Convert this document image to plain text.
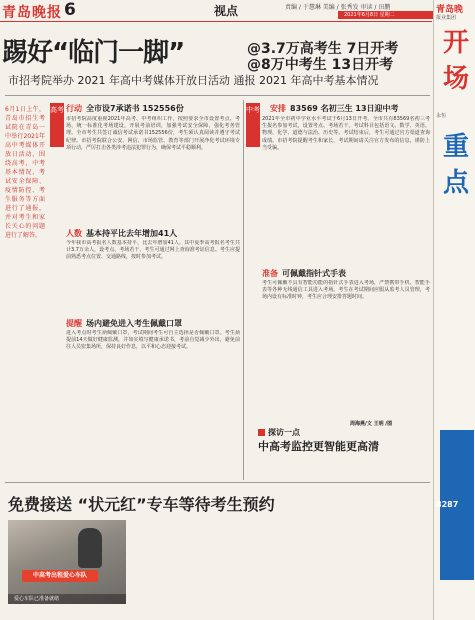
青岛晚报 6	视点	责编 / 于慧琳 美编 / 张秀发 审读 / 田鹏
2021年6月8日 星期二
踢好“临门一脚”	@3.7万高考生 7日开考
@8万中考生 13日开考
市招考院举办 2021 年高中考媒体开放日活动 通报 2021 年高中考基本情况
6月1日上午，青岛市招生考试院在青岛一中举行2021年高中考媒体开放日活动，围绕高考、中考基本情况、考试安全保障、疫情防控、考生服务等方面进行了通报，并对考生和家长关心的问题进行了解答。
高考 行动 全市设7承诺书 152556份
市招考院高度重视2021年高考、中考组织工作，按照要求全市设置考点、考场，统一标准化考场建设，开展考前培训，加强考试安全保障，强化考务管理。全市考生共签订诚信考试承诺书152556份，考生须认真阅读并遵守考试纪律。市招考院联合公安、网信、市场监管、教育等部门开展净化考试环境专项行动，严厉打击各类涉考违法犯罪行为，确保考试平稳顺利。
人数 基本持平比去年增加41人
今年我市高考报名人数基本持平，比去年增加41人。其中夏季高考报名考生共计3.7万余人，设考点、考场若干，考生可通过网上查询准考证信息。考生应提前熟悉考点位置、交通路线，按时参加考试。
提醒 场内避免进入考生佩戴口罩
进入考点时考生须佩戴口罩，考试期间考生可自主选择是否佩戴口罩。考生须提前14天做好健康监测，并如实填写健康承诺书，考前自觉减少外出，避免前往人员密集场所，保持良好作息，以平和心态迎接考试。
中考 安排 83569 名初三生 13日迎中考
2021年全市初中学业水平考试于6月13日开考。全市共有83569名初三考生报名参加考试，设置考点、考场若干。考试科目包括语文、数学、英语、物理、化学、道德与法治、历史等。考试结束后，考生可通过官方渠道查询成绩。市招考院提醒考生和家长，考试期间请关注官方发布的信息，谨防上当受骗。
准备 可佩戴指针式手表
考生可佩戴不具有智能功能的指针式手表进入考场，严禁携带手机、智能手表等各种无线通信工具进入考场。考生在考试期间应服从监考人员管理，考场内设有标准时钟，考生应合理安排答题时间。
周海燕/文 王明 /图
探访一点
中高考监控更智能更高清
免费接送 “状元红”专车等待考生预约
中高考出租爱心车队
爱心车队已准备就绪
青岛晚
报业集团
开
场
永恒
重
点
8287
